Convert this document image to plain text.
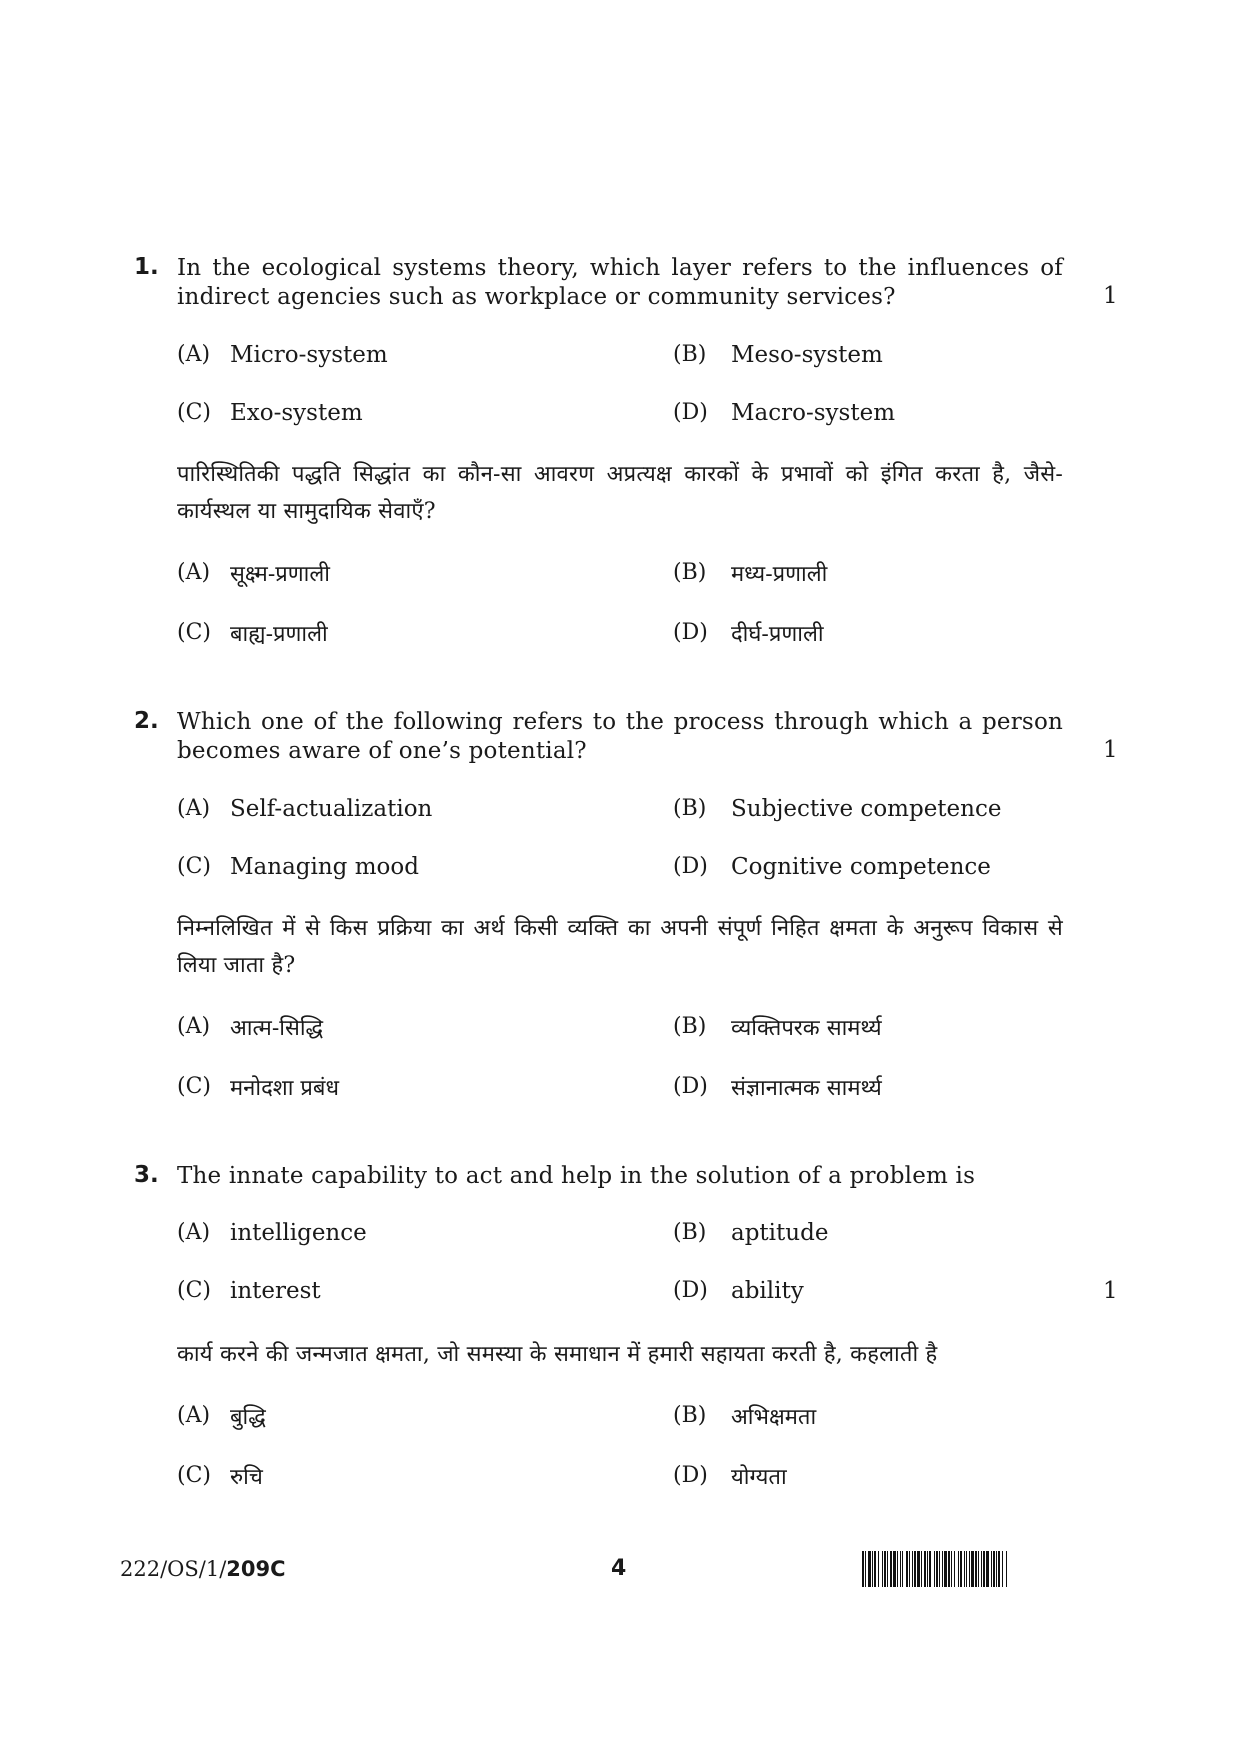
1. In the ecological systems theory, which layer refers to the influences of indirect agencies such as workplace or community services?	1
(A) Micro-system	(B) Meso-system
(C) Exo-system	(D) Macro-system
पारिस्थितिकी पद्धति सिद्धांत का कौन-सा आवरण अप्रत्यक्ष कारकों के प्रभावों को इंगित करता है, जैसे- कार्यस्थल या सामुदायिक सेवाएँ?
(A) सूक्ष्म-प्रणाली	(B) मध्य-प्रणाली
(C) बाह्य-प्रणाली	(D) दीर्घ-प्रणाली
2. Which one of the following refers to the process through which a person becomes aware of one’s potential?	1
(A) Self-actualization	(B) Subjective competence
(C) Managing mood	(D) Cognitive competence
निम्नलिखित में से किस प्रक्रिया का अर्थ किसी व्यक्ति का अपनी संपूर्ण निहित क्षमता के अनुरूप विकास से लिया जाता है?
(A) आत्म-सिद्धि	(B) व्यक्तिपरक सामर्थ्य
(C) मनोदशा प्रबंध	(D) संज्ञानात्मक सामर्थ्य
3. The innate capability to act and help in the solution of a problem is
(A) intelligence	(B) aptitude
(C) interest	(D) ability	1
कार्य करने की जन्मजात क्षमता, जो समस्या के समाधान में हमारी सहायता करती है, कहलाती है
(A) बुद्धि	(B) अभिक्षमता
(C) रुचि	(D) योग्यता
222/OS/1/209C	4
